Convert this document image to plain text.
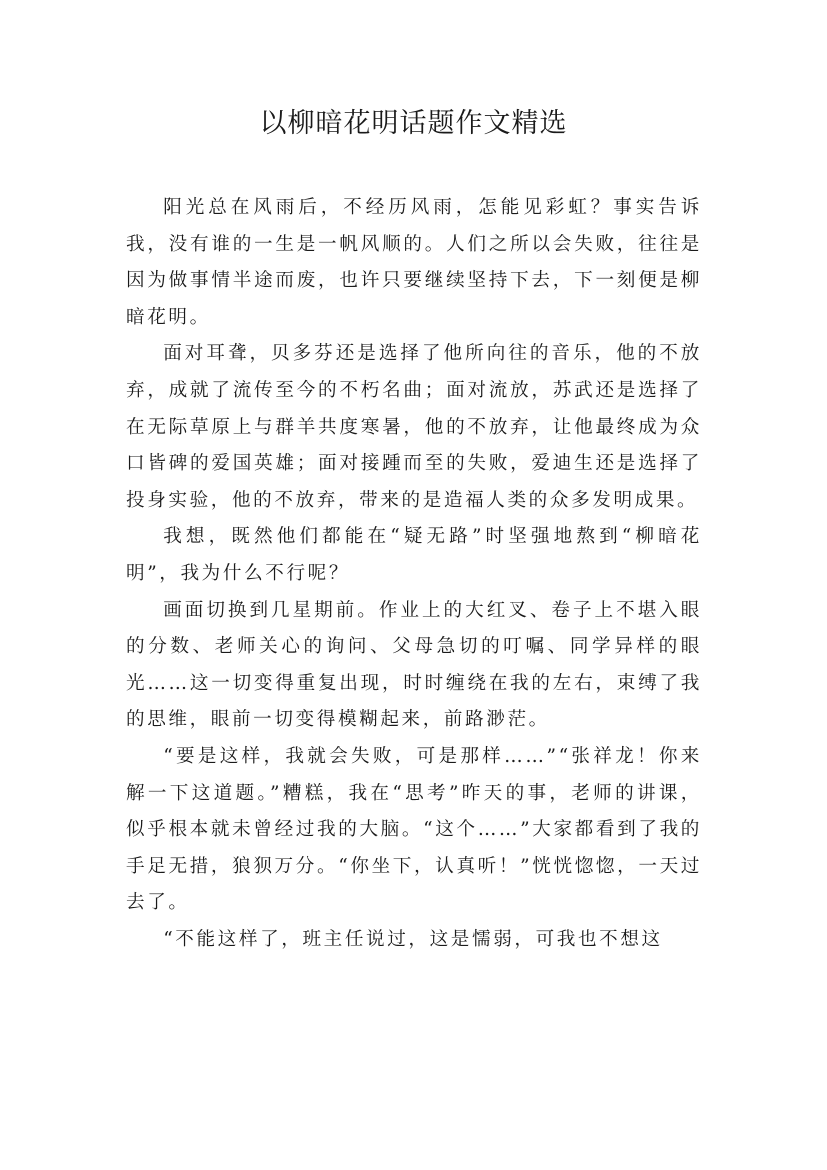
以柳暗花明话题作文精选

阳光总在风雨后，不经历风雨，怎能见彩虹？事实告诉我，没有谁的一生是一帆风顺的。人们之所以会失败，往往是因为做事情半途而废，也许只要继续坚持下去，下一刻便是柳暗花明。

面对耳聋，贝多芬还是选择了他所向往的音乐，他的不放弃，成就了流传至今的不朽名曲；面对流放，苏武还是选择了在无际草原上与群羊共度寒暑，他的不放弃，让他最终成为众口皆碑的爱国英雄；面对接踵而至的失败，爱迪生还是选择了投身实验，他的不放弃，带来的是造福人类的众多发明成果。

我想，既然他们都能在“疑无路”时坚强地熬到“柳暗花明”，我为什么不行呢？

画面切换到几星期前。作业上的大红叉、卷子上不堪入眼的分数、老师关心的询问、父母急切的叮嘱、同学异样的眼光……这一切变得重复出现，时时缠绕在我的左右，束缚了我的思维，眼前一切变得模糊起来，前路渺茫。

“要是这样，我就会失败，可是那样……”“张祥龙！你来解一下这道题。”糟糕，我在“思考”昨天的事，老师的讲课，似乎根本就未曾经过我的大脑。“这个……”大家都看到了我的手足无措，狼狈万分。“你坐下，认真听！”恍恍惚惚，一天过去了。

“不能这样了，班主任说过，这是懦弱，可我也不想这
